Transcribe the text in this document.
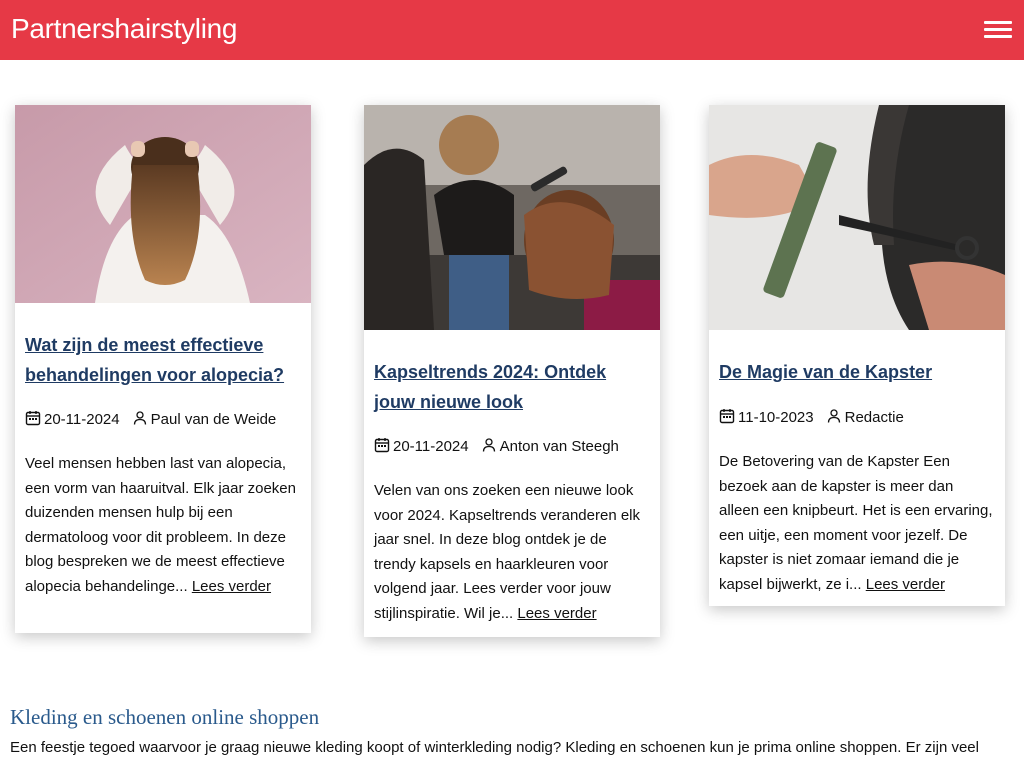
Partnershairstyling
Wat zijn de meest effectieve behandelingen voor alopecia?
20-11-2024 Paul van de Weide
Veel mensen hebben last van alopecia, een vorm van haaruitval. Elk jaar zoeken duizenden mensen hulp bij een dermatoloog voor dit probleem. In deze blog bespreken we de meest effectieve alopecia behandelinge... Lees verder
Kapseltrends 2024: Ontdek jouw nieuwe look
20-11-2024 Anton van Steegh
Velen van ons zoeken een nieuwe look voor 2024. Kapseltrends veranderen elk jaar snel. In deze blog ontdek je de trendy kapsels en haarkleuren voor volgend jaar. Lees verder voor jouw stijlinspiratie. Wil je... Lees verder
De Magie van de Kapster
11-10-2023 Redactie
De Betovering van de Kapster Een bezoek aan de kapster is meer dan alleen een knipbeurt. Het is een ervaring, een uitje, een moment voor jezelf. De kapster is niet zomaar iemand die je kapsel bijwerkt, ze i... Lees verder
Kleding en schoenen online shoppen

Een feestje tegoed waarvoor je graag nieuwe kleding koopt of winterkleding nodig? Kleding en schoenen kun je prima online shoppen. Er zijn veel
